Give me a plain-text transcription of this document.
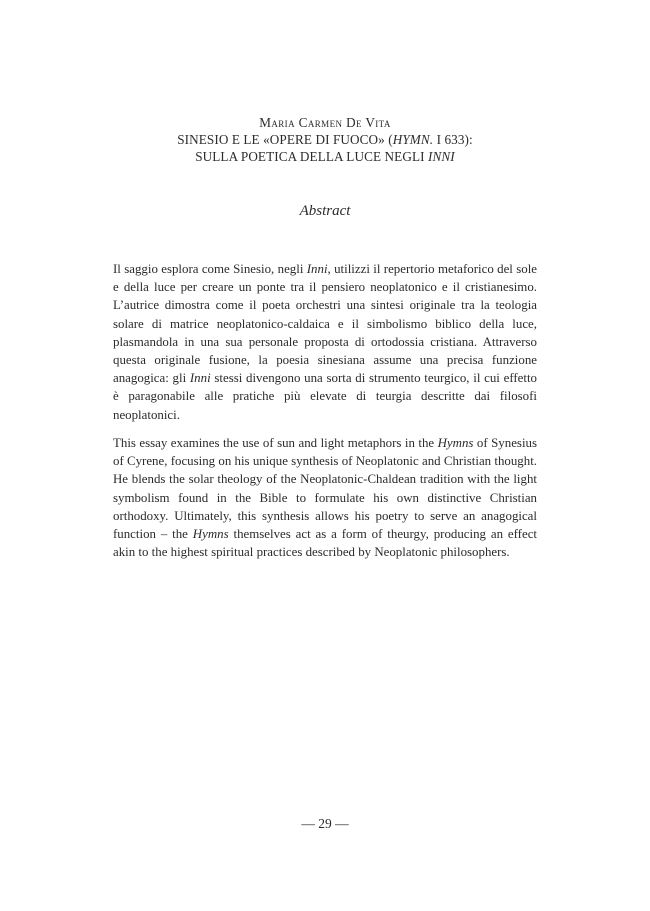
Maria Carmen De Vita
SINESIO E LE «OPERE DI FUOCO» (HYMN. I 633):
SULLA POETICA DELLA LUCE NEGLI INNI
Abstract

Il saggio esplora come Sinesio, negli Inni, utilizzi il repertorio metaforico del sole e della luce per creare un ponte tra il pensiero neoplatonico e il cristianesimo. L’autrice dimostra come il poeta orchestri una sintesi originale tra la teologia solare di matrice neoplatonico-caldaica e il simbolismo biblico della luce, plasmandola in una sua personale proposta di ortodossia cristiana. Attraverso questa originale fusione, la poesia sinesiana assume una precisa funzione anagogica: gli Inni stessi divengono una sorta di strumento teurgico, il cui effetto è paragonabile alle pratiche più elevate di teurgia descritte dai filosofi neoplatonici.

This essay examines the use of sun and light metaphors in the Hymns of Synesius of Cyrene, focusing on his unique synthesis of Neoplatonic and Christian thought. He blends the solar theology of the Neoplatonic-Chaldean tradition with the light symbolism found in the Bible to formulate his own distinctive Christian orthodoxy. Ultimately, this synthesis allows his poetry to serve an anagogical function – the Hymns themselves act as a form of theurgy, producing an effect akin to the highest spiritual practices described by Neoplatonic philosophers.

— 29 —
